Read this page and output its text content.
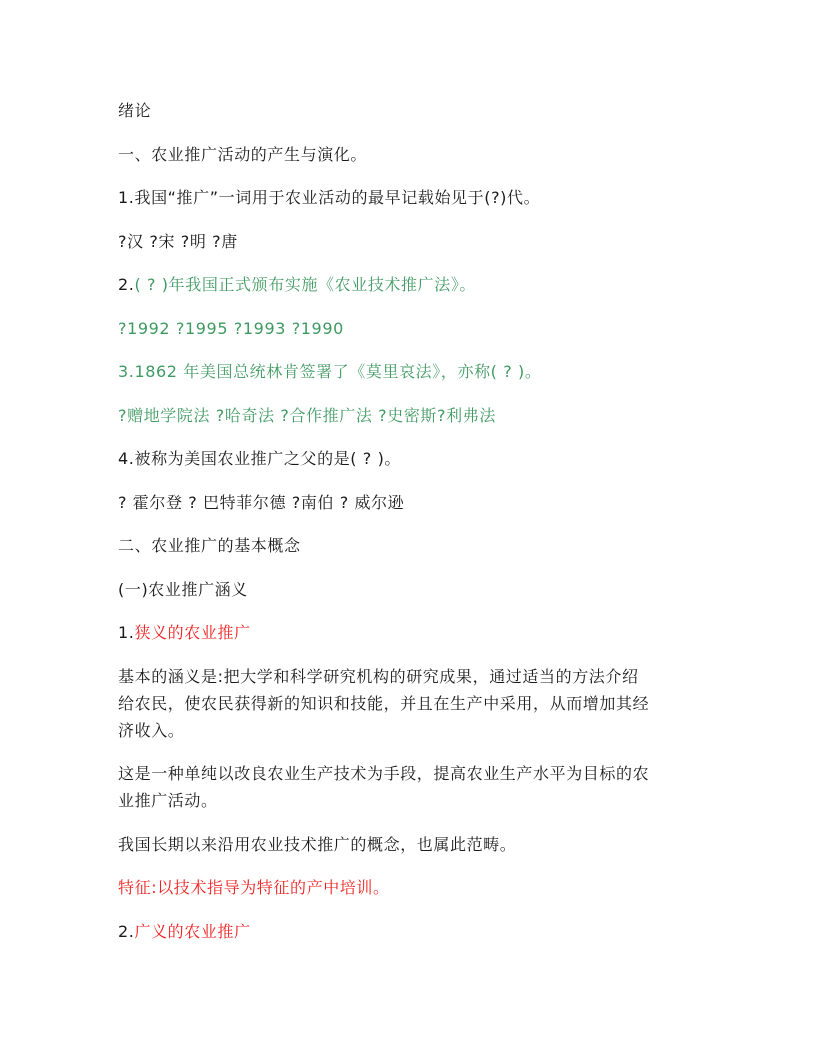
绪论

一、农业推广活动的产生与演化。

1.我国“推广”一词用于农业活动的最早记载始见于(?)代。

?汉 ?宋 ?明 ?唐

2.( ? )年我国正式颁布实施《农业技术推广法》。

?1992 ?1995 ?1993 ?1990

3.1862 年美国总统林肯签署了《莫里哀法》，亦称( ? )。

?赠地学院法 ?哈奇法 ?合作推广法 ?史密斯?利弗法

4.被称为美国农业推广之父的是( ? )。

? 霍尔登 ? 巴特菲尔德 ?南伯 ? 威尔逊

二、农业推广的基本概念

(一)农业推广涵义

1.狭义的农业推广

基本的涵义是:把大学和科学研究机构的研究成果，通过适当的方法介绍
给农民，使农民获得新的知识和技能，并且在生产中采用，从而增加其经
济收入。

这是一种单纯以改良农业生产技术为手段，提高农业生产水平为目标的农
业推广活动。

我国长期以来沿用农业技术推广的概念，也属此范畴。

特征:以技术指导为特征的产中培训。

2.广义的农业推广
